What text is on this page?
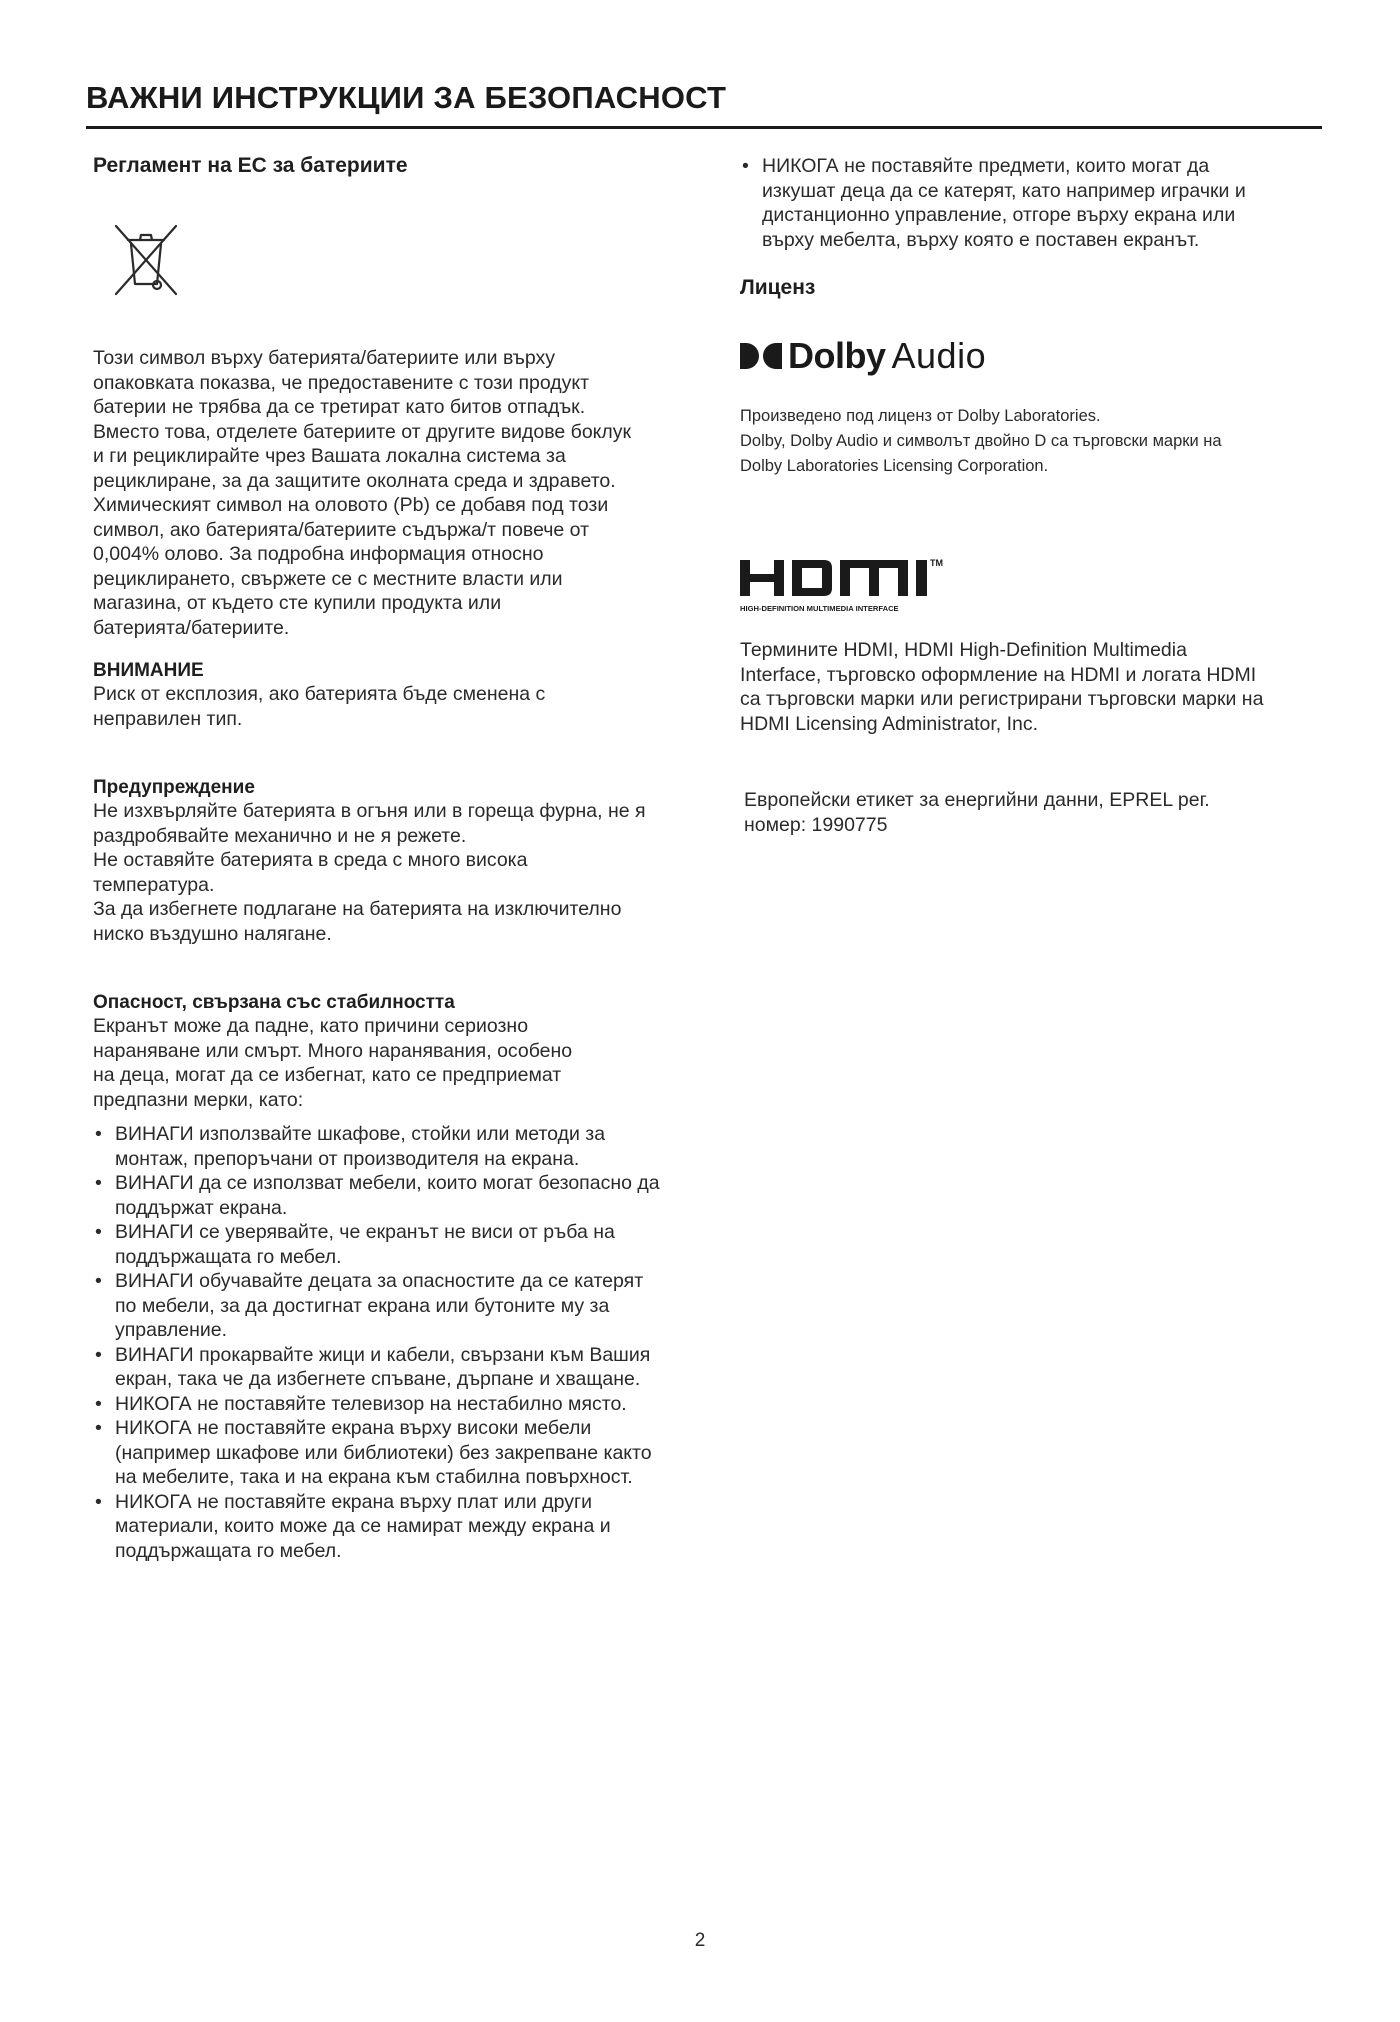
ВАЖНИ ИНСТРУКЦИИ ЗА БЕЗОПАСНОСТ
Регламент на ЕС за батериите
Този символ върху батерията/батериите или върху
опаковката показва, че предоставените с този продукт
батерии не трябва да се третират като битов отпадък.
Вместо това, отделете батериите от другите видове боклук
и ги рециклирайте чрез Вашата локална система за
рециклиране, за да защитите околната среда и здравето.
Химическият символ на оловото (Pb) се добавя под този
символ, ако батерията/батериите съдържа/т повече от
0,004% олово. За подробна информация относно
рециклирането, свържете се с местните власти или
магазина, от където сте купили продукта или
батерията/батериите.
ВНИМАНИЕ
Риск от експлозия, ако батерията бъде сменена с
неправилен тип.
Предупреждение
Не изхвърляйте батерията в огъня или в гореща фурна, не я
раздробявайте механично и не я режете.
Не оставяйте батерията в среда с много висока
температура.
За да избегнете подлагане на батерията на изключително
ниско въздушно налягане.
Опасност, свързана със стабилността
Екранът може да падне, като причини сериозно
нараняване или смърт. Много наранявания, особено
на деца, могат да се избегнат, като се предприемат
предпазни мерки, като:
• ВИНАГИ използвайте шкафове, стойки или методи за
монтаж, препоръчани от производителя на екрана.
• ВИНАГИ да се използват мебели, които могат безопасно да
поддържат екрана.
• ВИНАГИ се уверявайте, че екранът не виси от ръба на
поддържащата го мебел.
• ВИНАГИ обучавайте децата за опасностите да се катерят
по мебели, за да достигнат екрана или бутоните му за
управление.
• ВИНАГИ прокарвайте жици и кабели, свързани към Вашия
екран, така че да избегнете спъване, дърпане и хващане.
• НИКОГА не поставяйте телевизор на нестабилно място.
• НИКОГА не поставяйте екрана върху високи мебели
(например шкафове или библиотеки) без закрепване както
на мебелите, така и на екрана към стабилна повърхност.
• НИКОГА не поставяйте екрана върху плат или други
материали, които може да се намират между екрана и
поддържащата го мебел.
• НИКОГА не поставяйте предмети, които могат да
изкушат деца да се катерят, като например играчки и
дистанционно управление, отгоре върху екрана или
върху мебелта, върху която е поставен екранът.
Лиценз
Dolby Audio
Произведено под лиценз от Dolby Laboratories.
Dolby, Dolby Audio и символът двойно D са търговски марки на
Dolby Laboratories Licensing Corporation.
TM
HIGH-DEFINITION MULTIMEDIA INTERFACE
Термините HDMI, HDMI High-Definition Multimedia
Interface, търговско оформление на HDMI и логата HDMI
са търговски марки или регистрирани търговски марки на
HDMI Licensing Administrator, Inc.
Европейски етикет за енергийни данни, EPREL рег.
номер: 1990775
2
